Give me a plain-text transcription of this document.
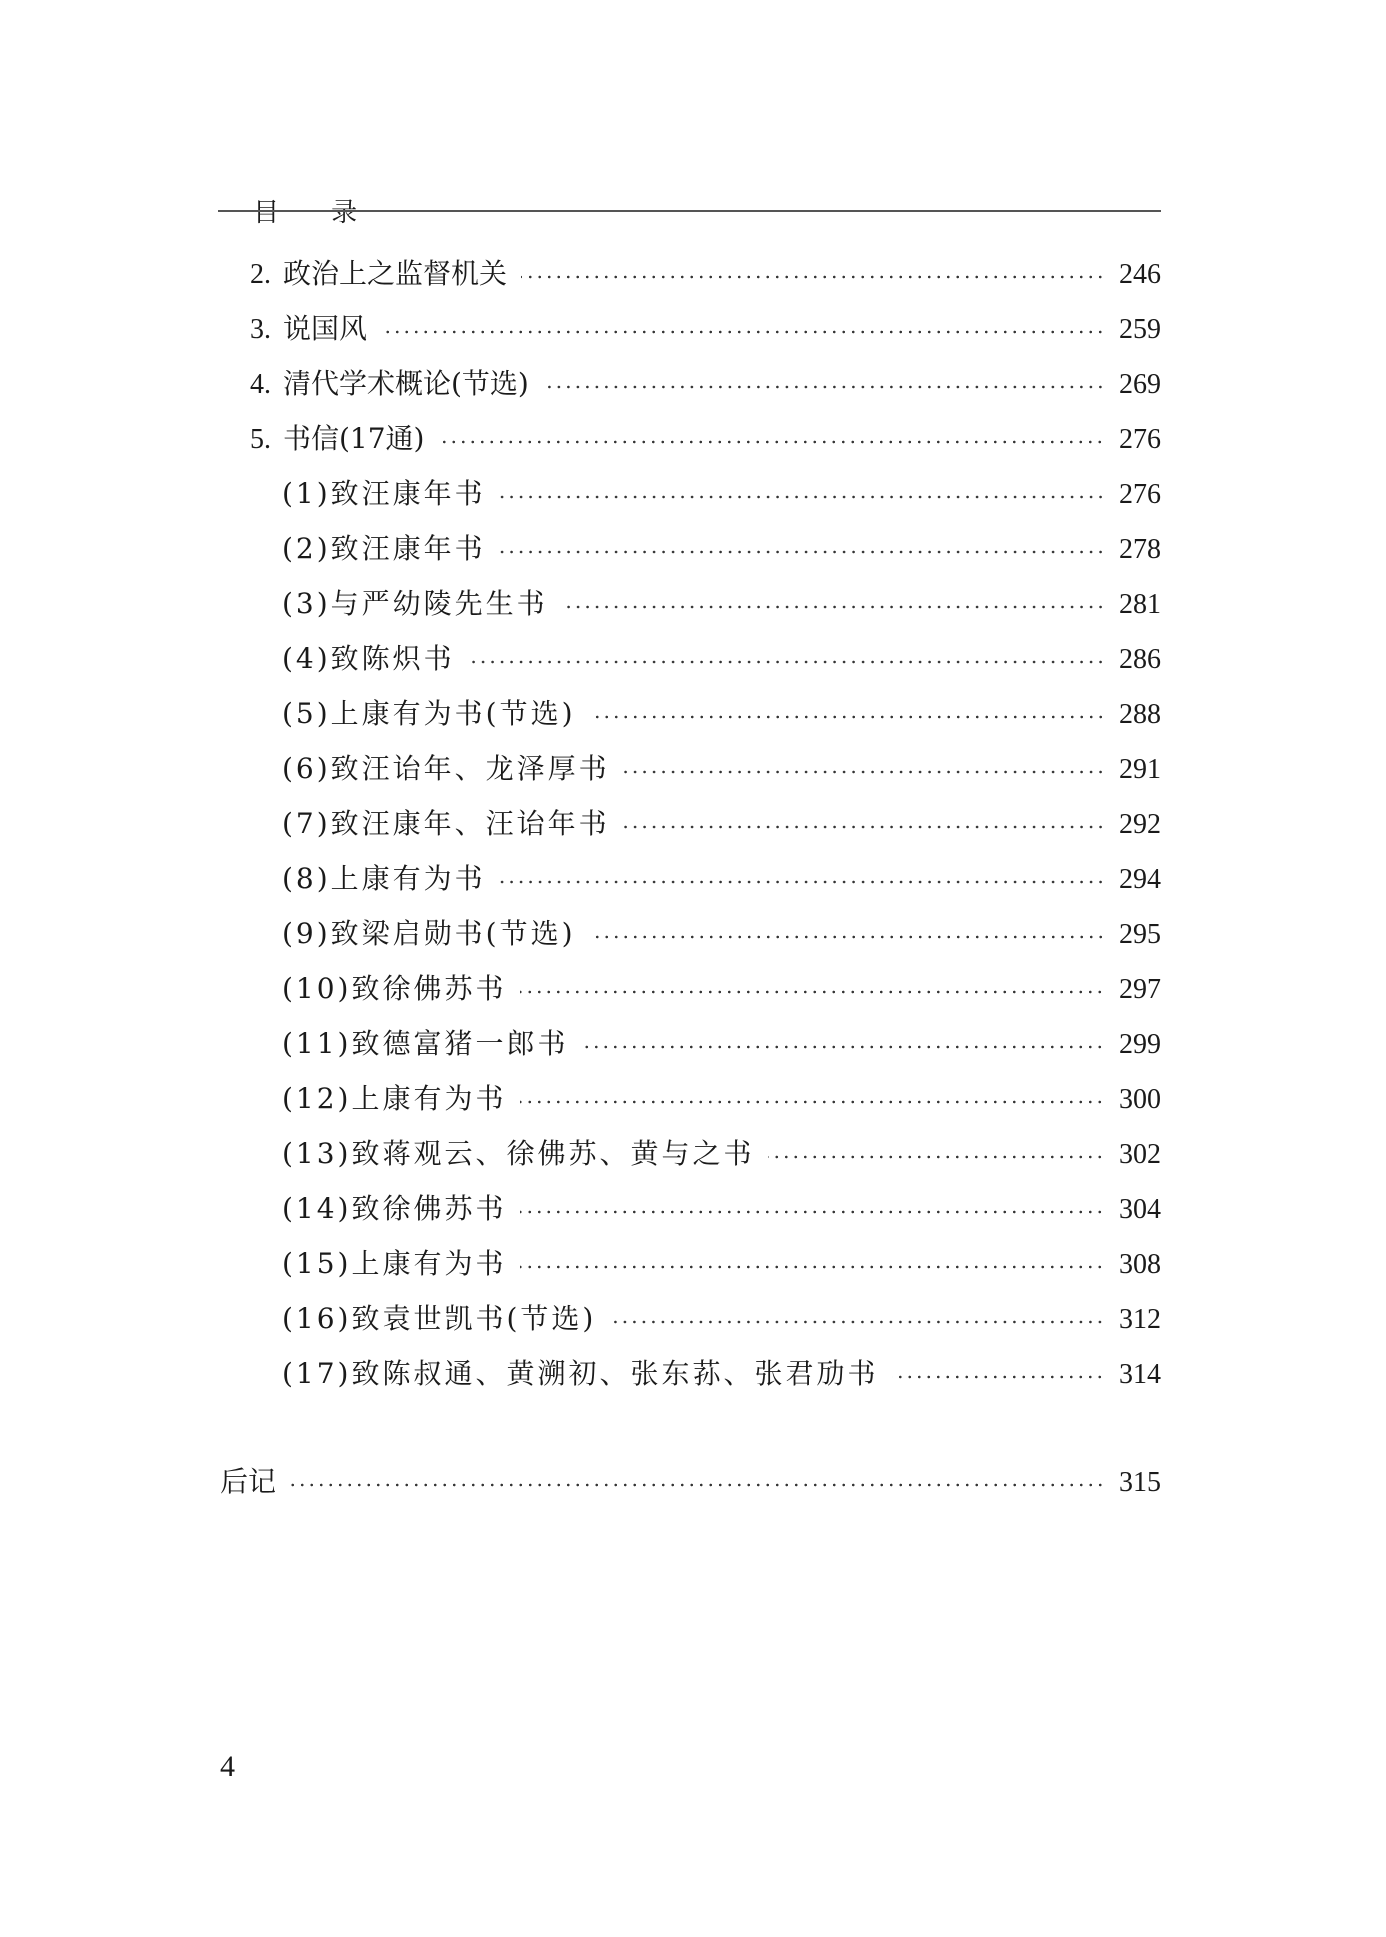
目 录

2. 政治上之监督机关	246
3. 说国风	259
4. 清代学术概论(节选)	269
5. 书信(17通)	276
(1)致汪康年书	276
(2)致汪康年书	278
(3)与严幼陵先生书	281
(4)致陈炽书	286
(5)上康有为书(节选)	288
(6)致汪诒年、龙泽厚书	291
(7)致汪康年、汪诒年书	292
(8)上康有为书	294
(9)致梁启勋书(节选)	295
(10)致徐佛苏书	297
(11)致德富猪一郎书	299
(12)上康有为书	300
(13)致蒋观云、徐佛苏、黄与之书	302
(14)致徐佛苏书	304
(15)上康有为书	308
(16)致袁世凯书(节选)	312
(17)致陈叔通、黄溯初、张东荪、张君劢书	314
后记	315
4
